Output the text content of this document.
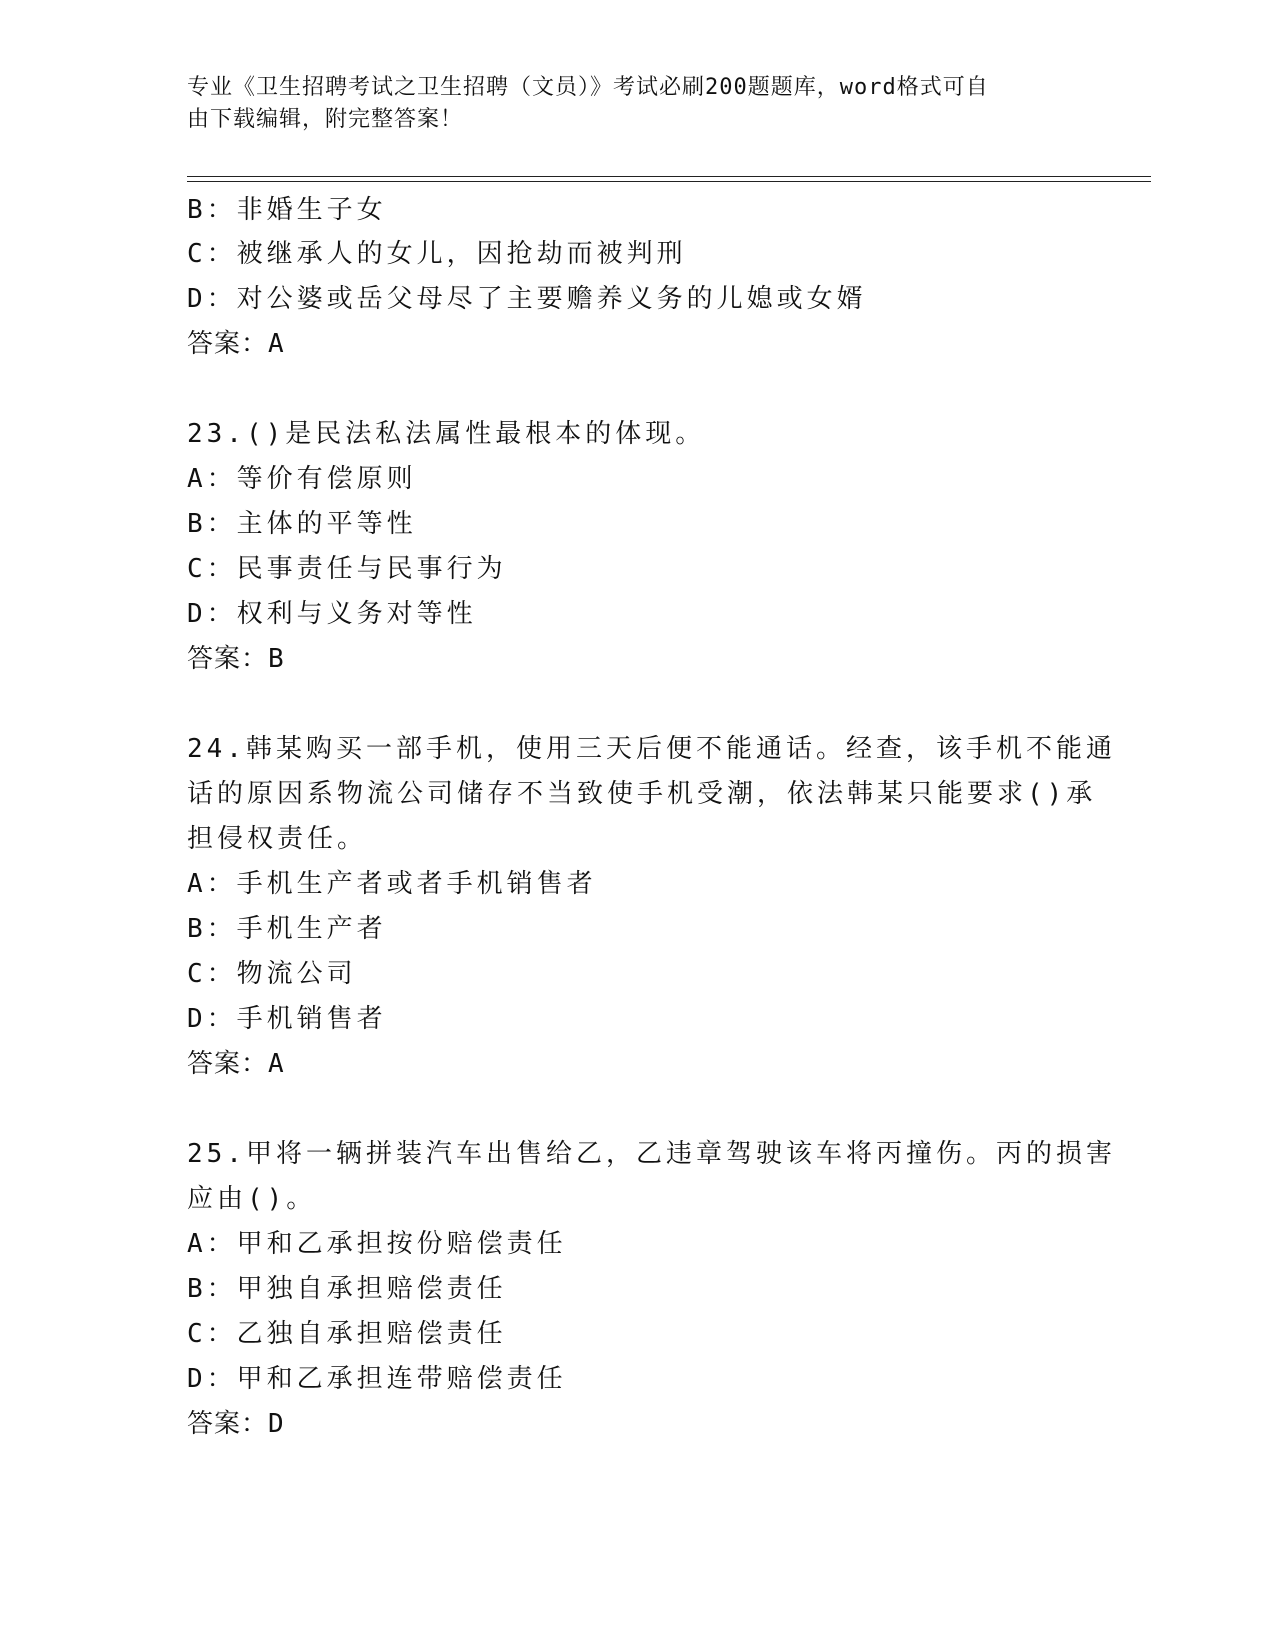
专业《卫生招聘考试之卫生招聘（文员）》考试必刷200题题库，word格式可自
由下载编辑，附完整答案！
B：非婚生子女
C：被继承人的女儿，因抢劫而被判刑
D：对公婆或岳父母尽了主要赡养义务的儿媳或女婿
答案：A
23.()是民法私法属性最根本的体现。
A：等价有偿原则
B：主体的平等性
C：民事责任与民事行为
D：权利与义务对等性
答案：B
24.韩某购买一部手机，使用三天后便不能通话。经查，该手机不能通
话的原因系物流公司储存不当致使手机受潮，依法韩某只能要求()承
担侵权责任。
A：手机生产者或者手机销售者
B：手机生产者
C：物流公司
D：手机销售者
答案：A
25.甲将一辆拼装汽车出售给乙，乙违章驾驶该车将丙撞伤。丙的损害
应由()。
A：甲和乙承担按份赔偿责任
B：甲独自承担赔偿责任
C：乙独自承担赔偿责任
D：甲和乙承担连带赔偿责任
答案：D
